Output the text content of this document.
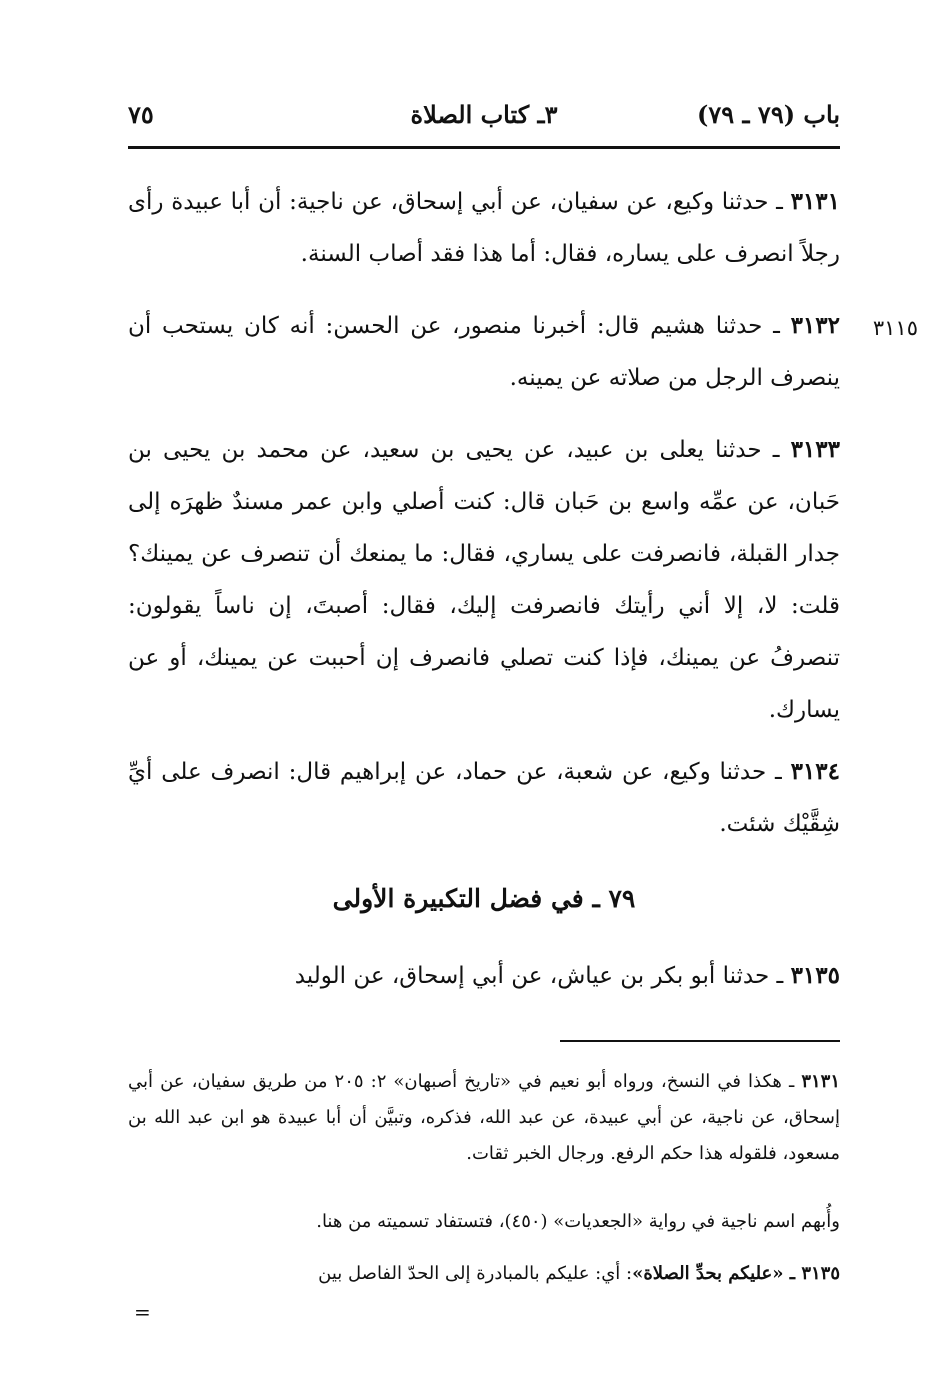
باب (٧٩ ـ ٧٩)
٣ـ كتاب الصلاة
٧٥
٣١٣١ ـ حدثنا وكيع، عن سفيان، عن أبي إسحاق، عن ناجية: أن أبا عبيدة رأى رجلاً انصرف على يساره، فقال: أما هذا فقد أصاب السنة.
٣١١٥
٣١٣٢ ـ حدثنا هشيم قال: أخبرنا منصور، عن الحسن: أنه كان يستحب أن ينصرف الرجل من صلاته عن يمينه.
٣١٣٣ ـ حدثنا يعلى بن عبيد، عن يحيى بن سعيد، عن محمد بن يحيى بن حَبان، عن عمِّه واسع بن حَبان قال: كنت أصلي وابن عمر مسندٌ ظهرَه إلى جدار القبلة، فانصرفت على يساري، فقال: ما يمنعك أن تنصرف عن يمينك؟ قلت: لا، إلا أني رأيتك فانصرفت إليك، فقال: أصبتَ، إن ناساً يقولون: تنصرفُ عن يمينك، فإذا كنت تصلي فانصرف إن أحببت عن يمينك، أو عن يسارك.
٣١٣٤ ـ حدثنا وكيع، عن شعبة، عن حماد، عن إبراهيم قال: انصرف على أيِّ شِقَّيْك شئت.
٧٩ ـ في فضل التكبيرة الأولى
٣١٣٥ ـ حدثنا أبو بكر بن عياش، عن أبي إسحاق، عن الوليد
٣١٣١ ـ هكذا في النسخ، ورواه أبو نعيم في «تاريخ أصبهان» ٢: ٢٠٥ من طريق سفيان، عن أبي إسحاق، عن ناجية، عن أبي عبيدة، عن عبد الله، فذكره، وتبيَّن أن أبا عبيدة هو ابن عبد الله بن مسعود، فلقوله هذا حكم الرفع. ورجال الخبر ثقات.
وأُبهم اسم ناجية في رواية «الجعديات» (٤٥٠)، فتستفاد تسميته من هنا.
٣١٣٥ ـ «عليكم بحدِّ الصلاة»: أي: عليكم بالمبادرة إلى الحدّ الفاصل بين
=
